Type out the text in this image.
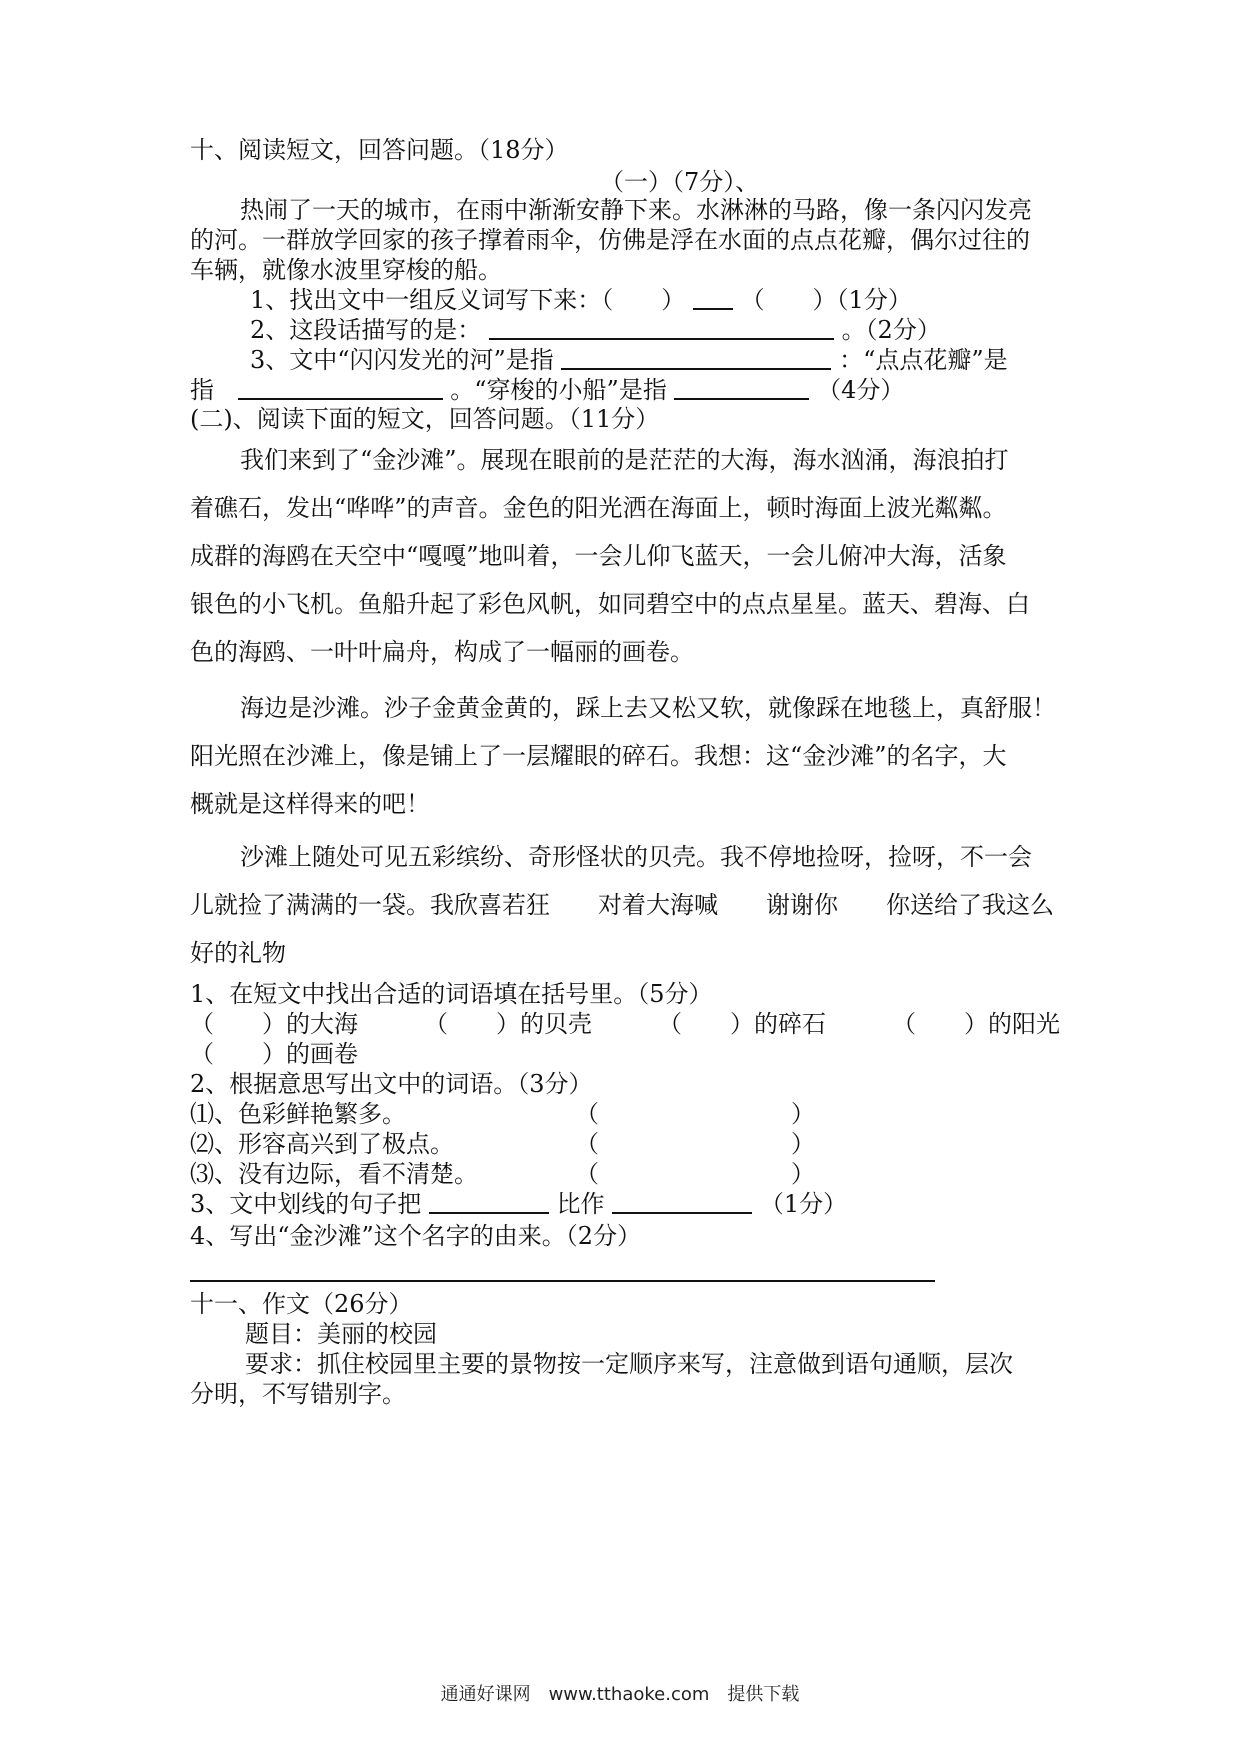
十、阅读短文，回答问题。（18分）
（一）（7分）、
热闹了一天的城市，在雨中渐渐安静下来。水淋淋的马路，像一条闪闪发亮
的河。一群放学回家的孩子撑着雨伞，仿佛是浮在水面的点点花瓣，偶尔过往的
车辆，就像水波里穿梭的船。
1、找出文中一组反义词写下来：（　　） （　　）（1分）
2、这段话描写的是：	。（2分）
3、文中“闪闪发光的河”是指	：“点点花瓣”是
指	。“穿梭的小船”是指	（4分）
(二)、阅读下面的短文，回答问题。（11分）
我们来到了“金沙滩”。展现在眼前的是茫茫的大海，海水汹涌，海浪拍打
着礁石，发出“哗哗”的声音。金色的阳光洒在海面上，顿时海面上波光粼粼。
成群的海鸥在天空中“嘎嘎”地叫着，一会儿仰飞蓝天，一会儿俯冲大海，活象
银色的小飞机。鱼船升起了彩色风帆，如同碧空中的点点星星。蓝天、碧海、白
色的海鸥、一叶叶扁舟，构成了一幅丽的画卷。
海边是沙滩。沙子金黄金黄的，踩上去又松又软，就像踩在地毯上，真舒服！
阳光照在沙滩上，像是铺上了一层耀眼的碎石。我想：这“金沙滩”的名字，大
概就是这样得来的吧！
沙滩上随处可见五彩缤纷、奇形怪状的贝壳。我不停地捡呀，捡呀，不一会
儿就捡了满满的一袋。我欣喜若狂　　对着大海喊　　谢谢你　　你送给了我这么
好的礼物
1、在短文中找出合适的词语填在括号里。（5分）
（　　）的大海	（　　）的贝壳	（　　）的碎石	（　　）的阳光
（　　）的画卷
2、根据意思写出文中的词语。（3分）
⑴、色彩鲜艳繁多。	（　　　　　　　　）
⑵、形容高兴到了极点。	（　　　　　　　　）
⑶、没有边际，看不清楚。	（　　　　　　　　）
3、文中划线的句子把	比作	（1分）
4、写出“金沙滩”这个名字的由来。（2分）
十一、作文（26分）
题目：美丽的校园
要求：抓住校园里主要的景物按一定顺序来写，注意做到语句通顺，层次
分明，不写错别字。
通通好课网　www.tthaoke.com　提供下载
